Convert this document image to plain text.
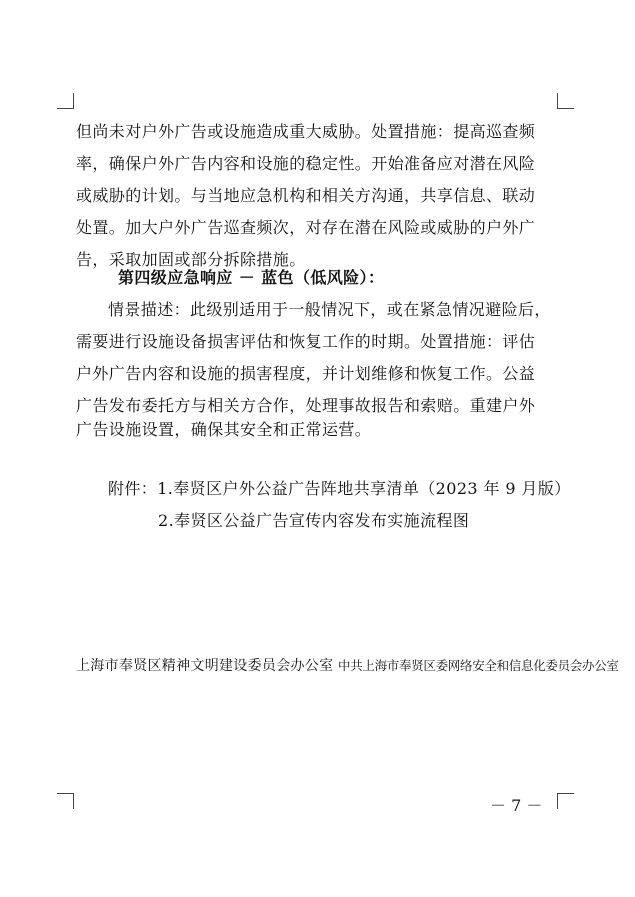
但尚未对户外广告或设施造成重大威胁。处置措施：提高巡查频
率，确保户外广告内容和设施的稳定性。开始准备应对潜在风险
或威胁的计划。与当地应急机构和相关方沟通，共享信息、联动
处置。加大户外广告巡查频次，对存在潜在风险或威胁的户外广
告，采取加固或部分拆除措施。
第四级应急响应 － 蓝色（低风险）：
情景描述：此级别适用于一般情况下，或在紧急情况避险后，
需要进行设施设备损害评估和恢复工作的时期。处置措施：评估
户外广告内容和设施的损害程度，并计划维修和恢复工作。公益
广告发布委托方与相关方合作，处理事故报告和索赔。重建户外
广告设施设置，确保其安全和正常运营。
附件：1.奉贤区户外公益广告阵地共享清单（2023 年 9 月版）
2.奉贤区公益广告宣传内容发布实施流程图
上海市奉贤区精神文明建设委员会办公室 中共上海市奉贤区委网络安全和信息化委员会办公室
－ 7 －
